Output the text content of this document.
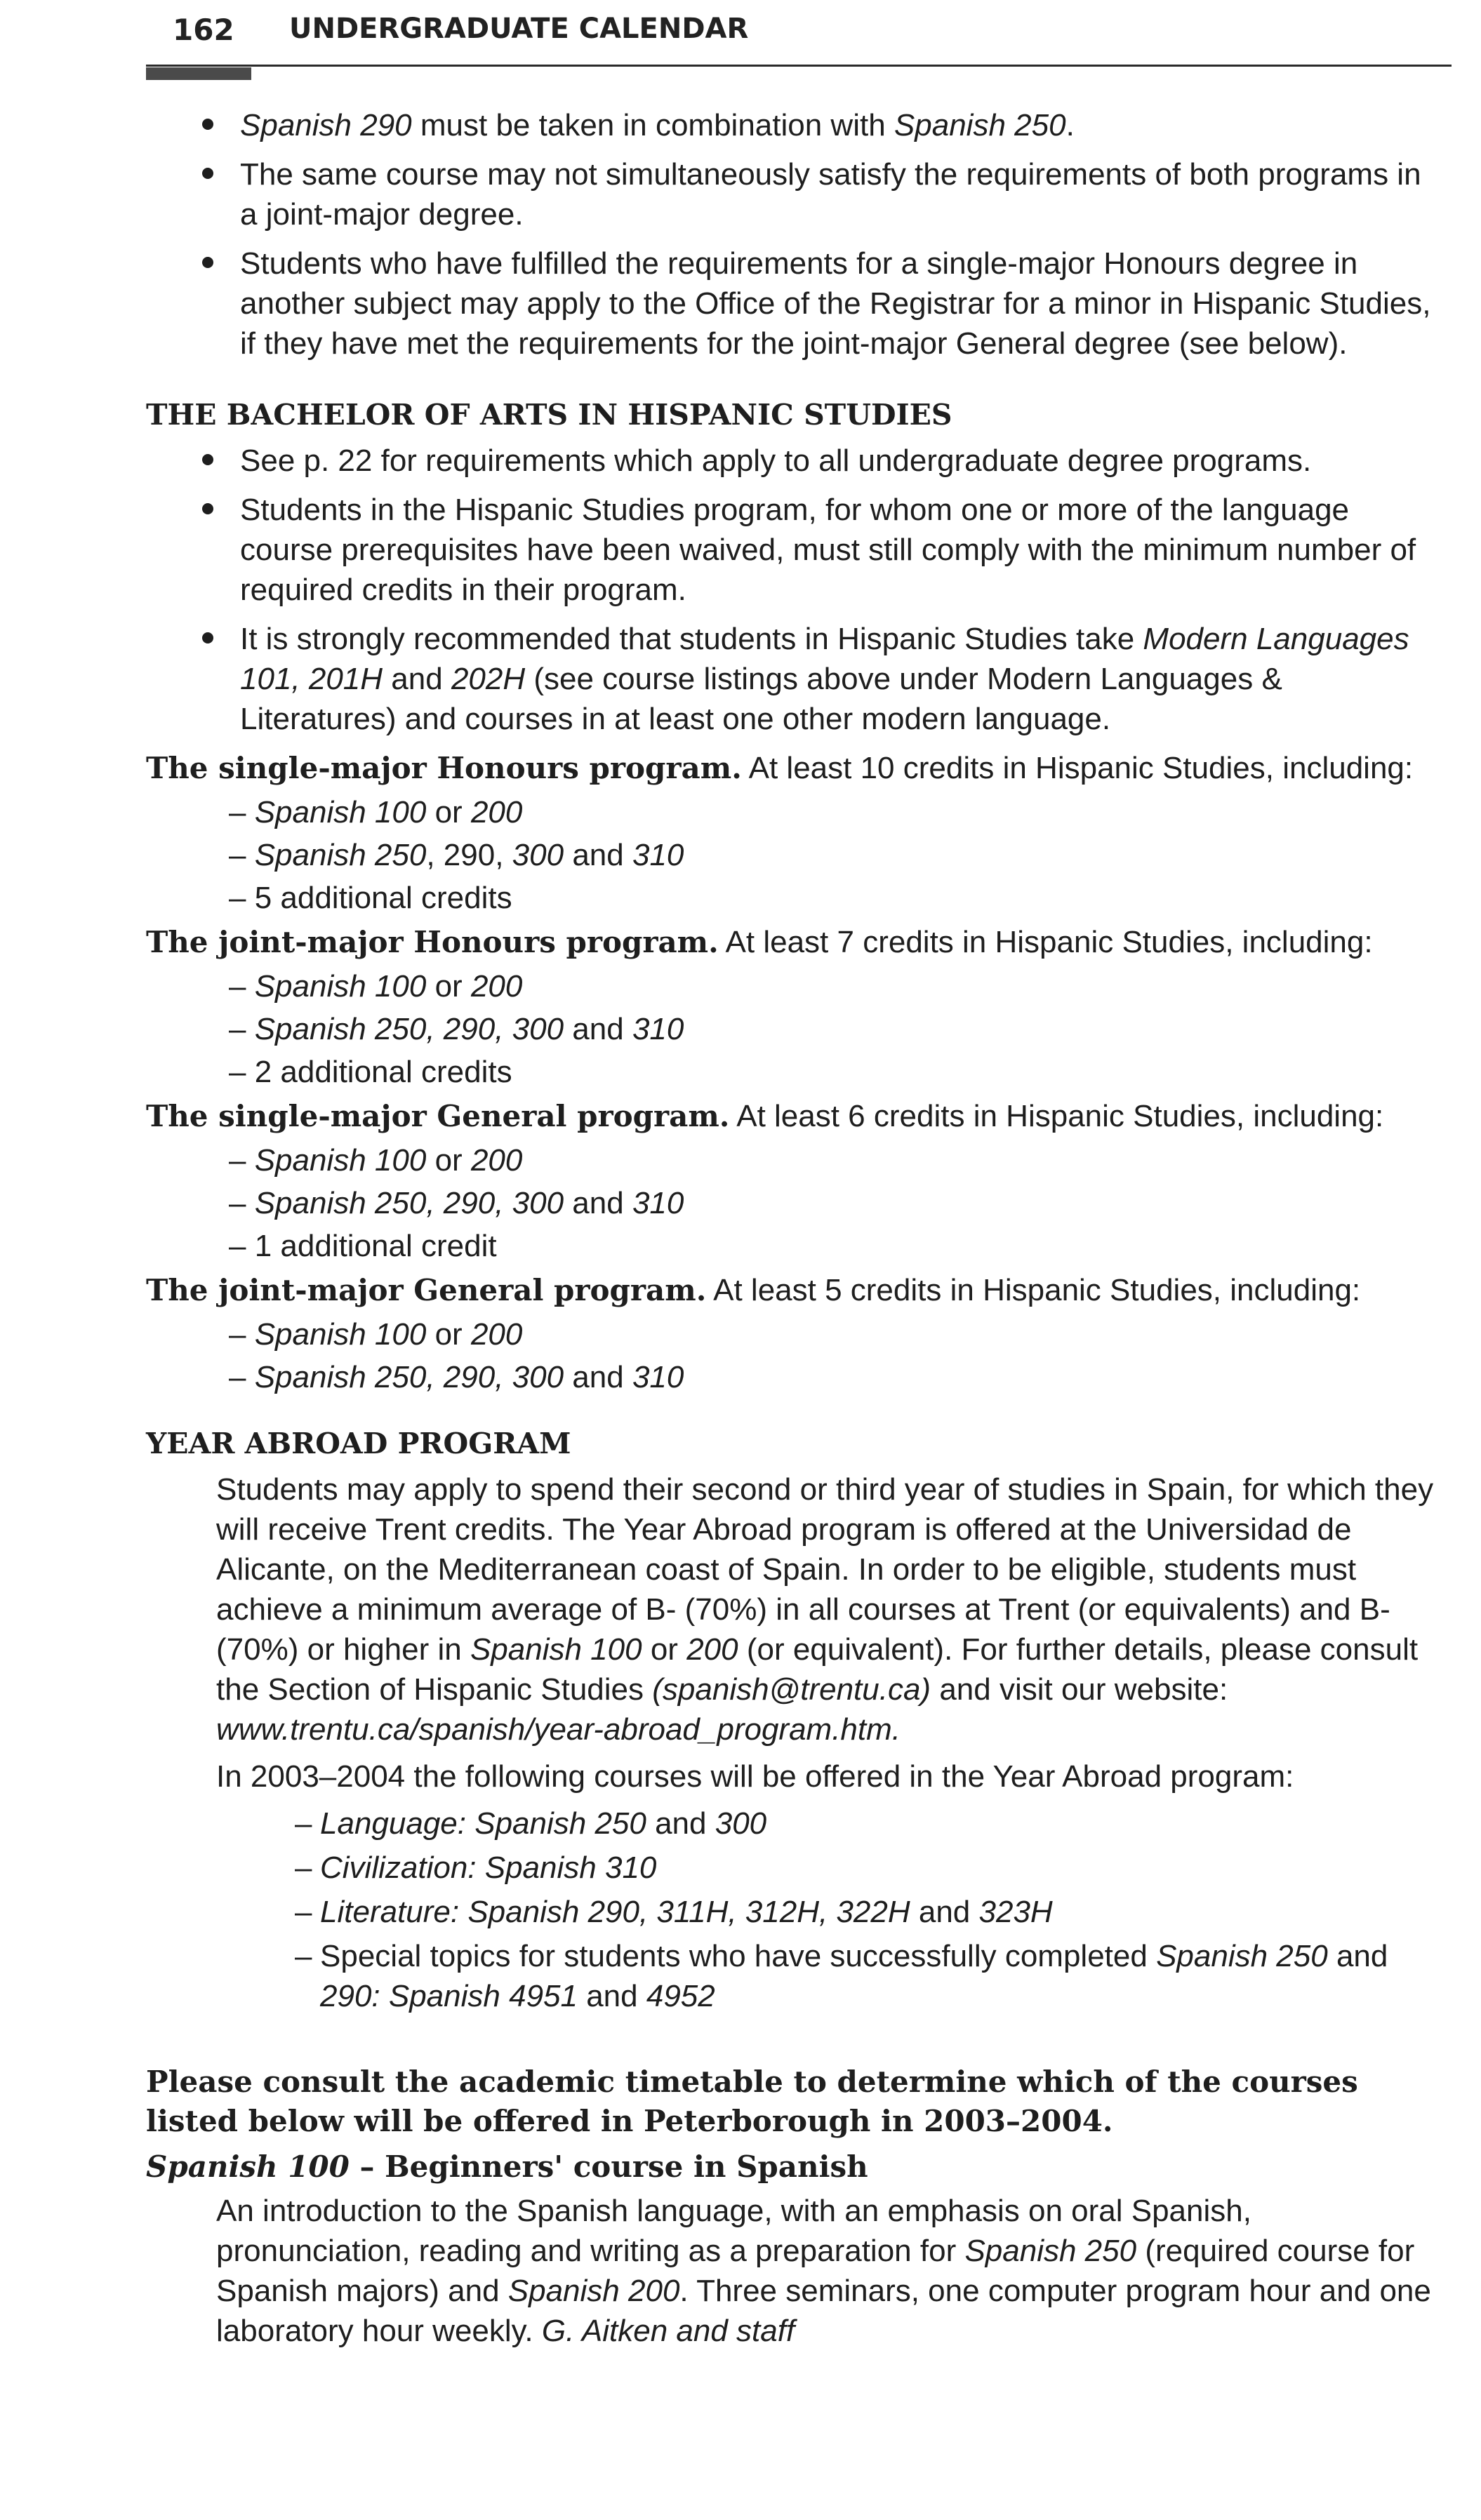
162 UNDERGRADUATE CALENDAR
Spanish 290 must be taken in combination with Spanish 250.
The same course may not simultaneously satisfy the requirements of both programs in a joint-major degree.
Students who have fulfilled the requirements for a single-major Honours degree in another subject may apply to the Office of the Registrar for a minor in Hispanic Studies, if they have met the requirements for the joint-major General degree (see below).
THE BACHELOR OF ARTS IN HISPANIC STUDIES
See p. 22 for requirements which apply to all undergraduate degree programs.
Students in the Hispanic Studies program, for whom one or more of the language course prerequisites have been waived, must still comply with the minimum number of required credits in their program.
It is strongly recommended that students in Hispanic Studies take Modern Languages 101, 201H and 202H (see course listings above under Modern Languages & Literatures) and courses in at least one other modern language.
The single-major Honours program. At least 10 credits in Hispanic Studies, including:
– Spanish 100 or 200
– Spanish 250, 290, 300 and 310
– 5 additional credits
The joint-major Honours program. At least 7 credits in Hispanic Studies, including:
– Spanish 100 or 200
– Spanish 250, 290, 300 and 310
– 2 additional credits
The single-major General program. At least 6 credits in Hispanic Studies, including:
– Spanish 100 or 200
– Spanish 250, 290, 300 and 310
– 1 additional credit
The joint-major General program. At least 5 credits in Hispanic Studies, including:
– Spanish 100 or 200
– Spanish 250, 290, 300 and 310
YEAR ABROAD PROGRAM
Students may apply to spend their second or third year of studies in Spain, for which they will receive Trent credits. The Year Abroad program is offered at the Universidad de Alicante, on the Mediterranean coast of Spain. In order to be eligible, students must achieve a minimum average of B- (70%) in all courses at Trent (or equivalents) and B- (70%) or higher in Spanish 100 or 200 (or equivalent). For further details, please consult the Section of Hispanic Studies (spanish@trentu.ca) and visit our website: www.trentu.ca/spanish/year-abroad_program.htm.
In 2003–2004 the following courses will be offered in the Year Abroad program:
– Language: Spanish 250 and 300
– Civilization: Spanish 310
– Literature: Spanish 290, 311H, 312H, 322H and 323H
– Special topics for students who have successfully completed Spanish 250 and 290: Spanish 4951 and 4952
Please consult the academic timetable to determine which of the courses listed below will be offered in Peterborough in 2003–2004.
Spanish 100 – Beginners' course in Spanish
An introduction to the Spanish language, with an emphasis on oral Spanish, pronunciation, reading and writing as a preparation for Spanish 250 (required course for Spanish majors) and Spanish 200. Three seminars, one computer program hour and one laboratory hour weekly. G. Aitken and staff
